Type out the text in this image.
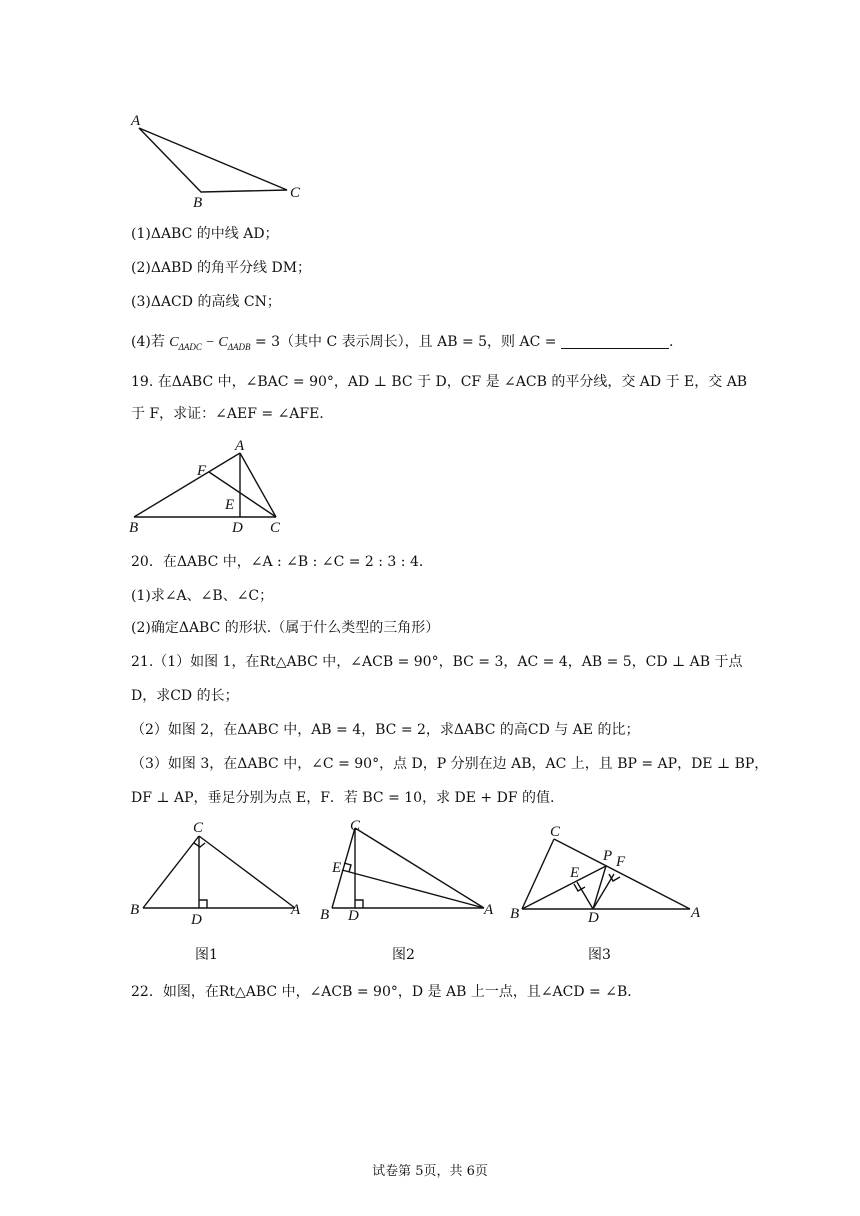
A
B
C
(1)ΔABC 的中线 AD；
(2)ΔABD 的角平分线 DM；
(3)ΔACD 的高线 CN；
(4)若 $C_{\Delta ADC} - C_{\Delta ADB} = 3$（其中 C 表示周长），且 AB = 5，则 AC =	.
19. 在ΔABC 中，∠BAC = 90°，AD ⊥ BC 于 D，CF 是 ∠ACB 的平分线，交 AD 于 E，交 AB
于 F，求证：∠AEF = ∠AFE．
A
B	C
D
E
F
20．在ΔABC 中，∠A : ∠B : ∠C = 2 : 3 : 4．
(1)求∠A、∠B、∠C；
(2)确定ΔABC 的形状.（属于什么类型的三角形）
21.（1）如图 1，在Rt△ABC 中，∠ACB = 90°，BC = 3，AC = 4，AB = 5，CD ⊥ AB 于点
D，求CD 的长；
（2）如图 2，在ΔABC 中，AB = 4，BC = 2，求ΔABC 的高CD 与 AE 的比；
（3）如图 3，在ΔABC 中，∠C = 90°，点 D，P 分别在边 AB，AC 上，且 BP = AP，DE ⊥ BP，
DF ⊥ AP，垂足分别为点 E，F．若 BC = 10，求 DE + DF 的值.
C
B
D
A
图1
C
B D
E
A
图2
C
B	D
E
F
P
A
图3
22．如图，在Rt△ABC 中，∠ACB = 90°，D 是 AB 上一点，且∠ACD = ∠B．
试卷第 5页，共 6页
